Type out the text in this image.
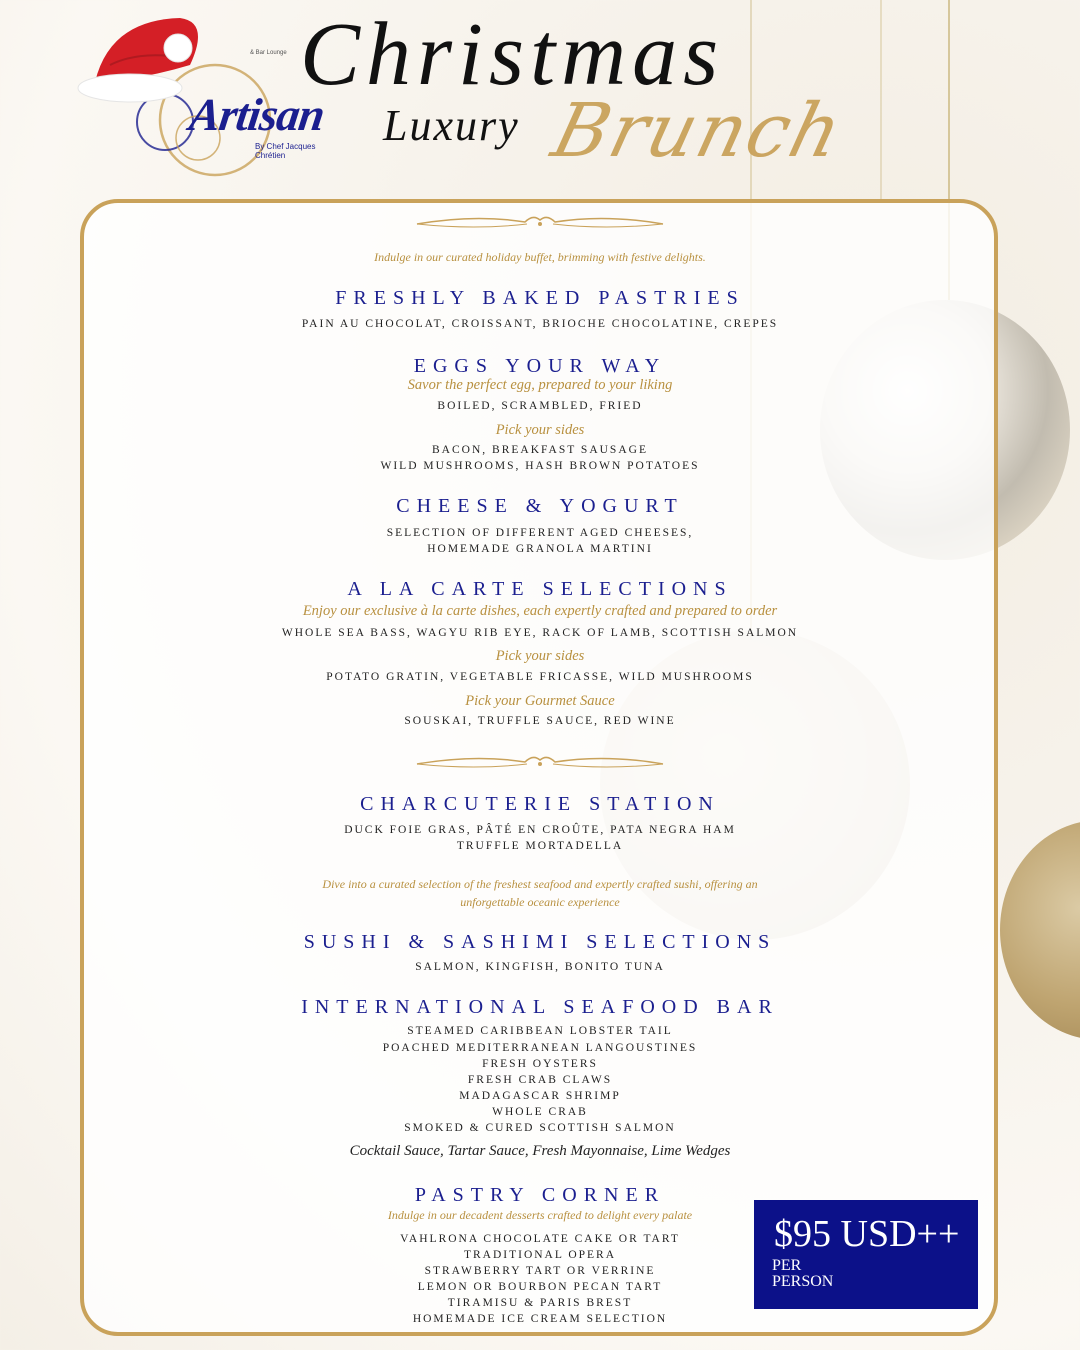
& Bar Lounge
Artisan
By Chef Jacques Chrétien
Christmas
Luxury Brunch
Indulge in our curated holiday buffet, brimming with festive delights.
FRESHLY BAKED PASTRIES
PAIN AU CHOCOLAT, CROISSANT, BRIOCHE CHOCOLATINE, CREPES
EGGS YOUR WAY
Savor the perfect egg, prepared to your liking
BOILED, SCRAMBLED, FRIED
Pick your sides
BACON, BREAKFAST SAUSAGE
WILD MUSHROOMS, HASH BROWN POTATOES
CHEESE & YOGURT
SELECTION OF DIFFERENT AGED CHEESES,
HOMEMADE GRANOLA MARTINI
A LA CARTE SELECTIONS
Enjoy our exclusive à la carte dishes, each expertly crafted and prepared to order
WHOLE SEA BASS, WAGYU RIB EYE, RACK OF LAMB, SCOTTISH SALMON
Pick your sides
POTATO GRATIN, VEGETABLE FRICASSE, WILD MUSHROOMS
Pick your Gourmet Sauce
SOUSKAI, TRUFFLE SAUCE, RED WINE
CHARCUTERIE STATION
DUCK FOIE GRAS, PÂTÉ EN CROÛTE, PATA NEGRA HAM
TRUFFLE MORTADELLA
Dive into a curated selection of the freshest seafood and expertly crafted sushi, offering an
unforgettable oceanic experience
SUSHI & SASHIMI SELECTIONS
SALMON, KINGFISH, BONITO TUNA
INTERNATIONAL SEAFOOD BAR
STEAMED CARIBBEAN LOBSTER TAIL
POACHED MEDITERRANEAN LANGOUSTINES
FRESH OYSTERS
FRESH CRAB CLAWS
MADAGASCAR SHRIMP
WHOLE CRAB
SMOKED & CURED SCOTTISH SALMON
Cocktail Sauce, Tartar Sauce, Fresh Mayonnaise, Lime Wedges
PASTRY CORNER
Indulge in our decadent desserts crafted to delight every palate
VAHLRONA CHOCOLATE CAKE OR TART
TRADITIONAL OPERA
STRAWBERRY TART OR VERRINE
LEMON OR BOURBON PECAN TART
TIRAMISU & PARIS BREST
HOMEMADE ICE CREAM SELECTION
$95 USD++
PER
PERSON
